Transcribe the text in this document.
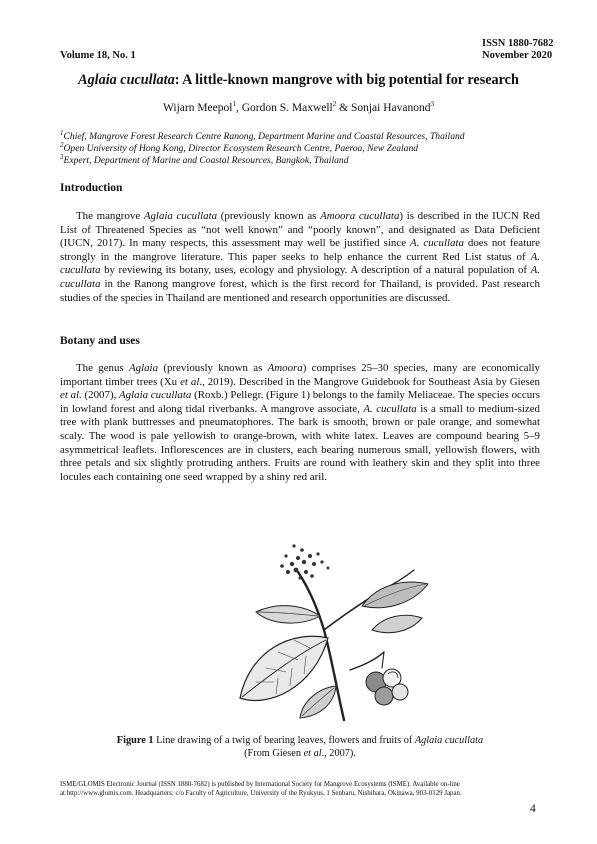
ISSN 1880-7682
Volume 18, No. 1	November 2020
Aglaia cucullata: A little-known mangrove with big potential for research
Wijarn Meepol$^1$, Gordon S. Maxwell$^2$ & Sonjai Havanond$^3$
$^1$Chief, Mangrove Forest Research Centre Ranong, Department Marine and Coastal Resources, Thailand
$^2$Open University of Hong Kong, Director Ecosystem Research Centre, Paeroa, New Zealand
$^3$Expert, Department of Marine and Coastal Resources, Bangkok, Thailand
Introduction

The mangrove Aglaia cucullata (previously known as Amoora cucullata) is described in the IUCN Red List of Threatened Species as “not well known” and “poorly known”, and designated as Data Deficient (IUCN, 2017). In many respects, this assessment may well be justified since A. cucullata does not feature strongly in the mangrove literature. This paper seeks to help enhance the current Red List status of A. cucullata by reviewing its botany, uses, ecology and physiology. A description of a natural population of A. cucullata in the Ranong mangrove forest, which is the first record for Thailand, is provided. Past research studies of the species in Thailand are mentioned and research opportunities are discussed.

Botany and uses

The genus Aglaia (previously known as Amoora) comprises 25–30 species, many are economically important timber trees (Xu et al., 2019). Described in the Mangrove Guidebook for Southeast Asia by Giesen et al. (2007), Aglaia cucullata (Roxb.) Pellegr. (Figure 1) belongs to the family Meliaceae. The species occurs in lowland forest and along tidal riverbanks. A mangrove associate, A. cucullata is a small to medium-sized tree with plank buttresses and pneumatophores. The bark is smooth, brown or pale orange, and somewhat scaly. The wood is pale yellowish to orange-brown, with white latex. Leaves are compound bearing 5–9 asymmetrical leaflets. Inflorescences are in clusters, each bearing numerous small, yellowish flowers, with three petals and six slightly protruding anthers. Fruits are round with leathery skin and they split into three locules each containing one seed wrapped by a shiny red aril.

Figure 1 Line drawing of a twig of bearing leaves, flowers and fruits of Aglaia cucullata
(From Giesen et al., 2007).
ISME/GLOMIS Electronic Journal (ISSN 1880-7682) is published by International Society for Mangrove Ecosystems (ISME). Available on-line
at http://www.glomis.com. Headquarters: c/o Faculty of Agriculture, University of the Ryukyus, 1 Senbaru, Nishihara, Okinawa, 903-0129 Japan.
4
